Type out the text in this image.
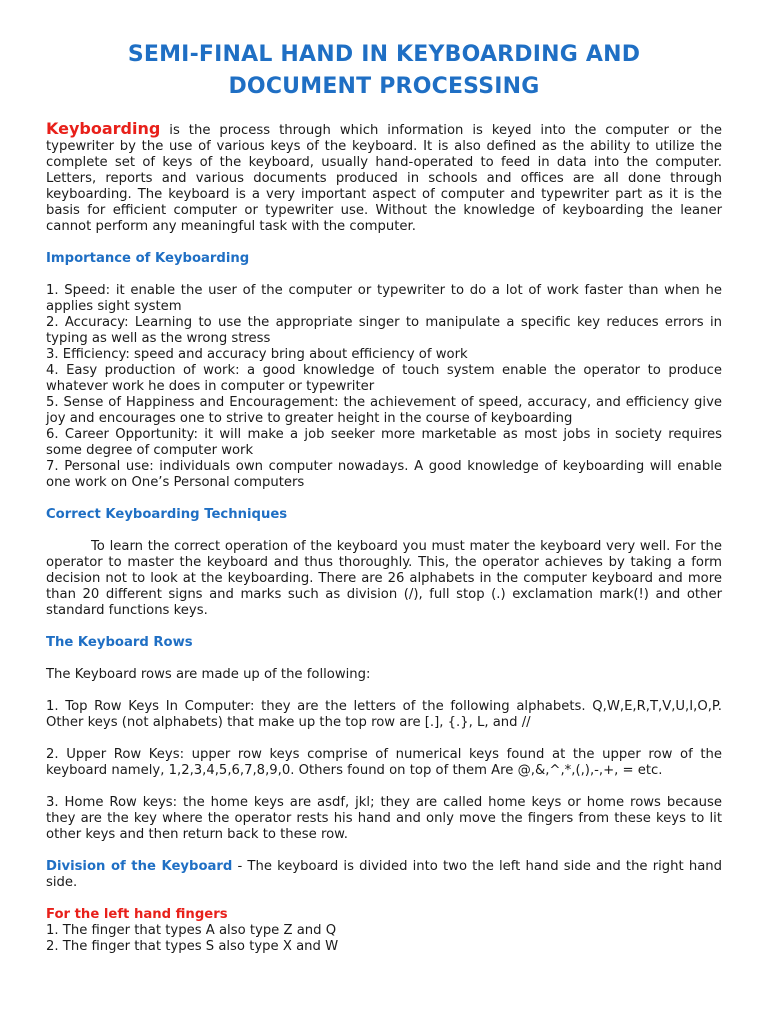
SEMI-FINAL HAND IN KEYBOARDING AND
DOCUMENT PROCESSING

Keyboarding is the process through which information is keyed into the computer or the typewriter by the use of various keys of the keyboard. It is also defined as the ability to utilize the complete set of keys of the keyboard, usually hand-operated to feed in data into the computer. Letters, reports and various documents produced in schools and offices are all done through keyboarding. The keyboard is a very important aspect of computer and typewriter part as it is the basis for efficient computer or typewriter use. Without the knowledge of keyboarding the leaner cannot perform any meaningful task with the computer.

Importance of Keyboarding

1. Speed: it enable the user of the computer or typewriter to do a lot of work faster than when he applies sight system

2. Accuracy: Learning to use the appropriate singer to manipulate a specific key reduces errors in typing as well as the wrong stress

3. Efficiency: speed and accuracy bring about efficiency of work

4. Easy production of work: a good knowledge of touch system enable the operator to produce whatever work he does in computer or typewriter

5. Sense of Happiness and Encouragement: the achievement of speed, accuracy, and efficiency give joy and encourages one to strive to greater height in the course of keyboarding

6. Career Opportunity: it will make a job seeker more marketable as most jobs in society requires some degree of computer work

7. Personal use: individuals own computer nowadays. A good knowledge of keyboarding will enable one work on One’s Personal computers

Correct Keyboarding Techniques

To learn the correct operation of the keyboard you must mater the keyboard very well. For the operator to master the keyboard and thus thoroughly. This, the operator achieves by taking a form decision not to look at the keyboarding. There are 26 alphabets in the computer keyboard and more than 20 different signs and marks such as division (/), full stop (.) exclamation mark(!) and other standard functions keys.

The Keyboard Rows

The Keyboard rows are made up of the following:

1. Top Row Keys In Computer: they are the letters of the following alphabets. Q,W,E,R,T,V,U,I,O,P. Other keys (not alphabets) that make up the top row are [.], {.}, L, and //

2. Upper Row Keys: upper row keys comprise of numerical keys found at the upper row of the keyboard namely, 1,2,3,4,5,6,7,8,9,0. Others found on top of them Are @,&,^,*,(,),-,+, = etc.

3. Home Row keys: the home keys are asdf, jkl; they are called home keys or home rows because they are the key where the operator rests his hand and only move the fingers from these keys to lit other keys and then return back to these row.

Division of the Keyboard - The keyboard is divided into two the left hand side and the right hand side.

For the left hand fingers

1. The finger that types A also type Z and Q

2. The finger that types S also type X and W
